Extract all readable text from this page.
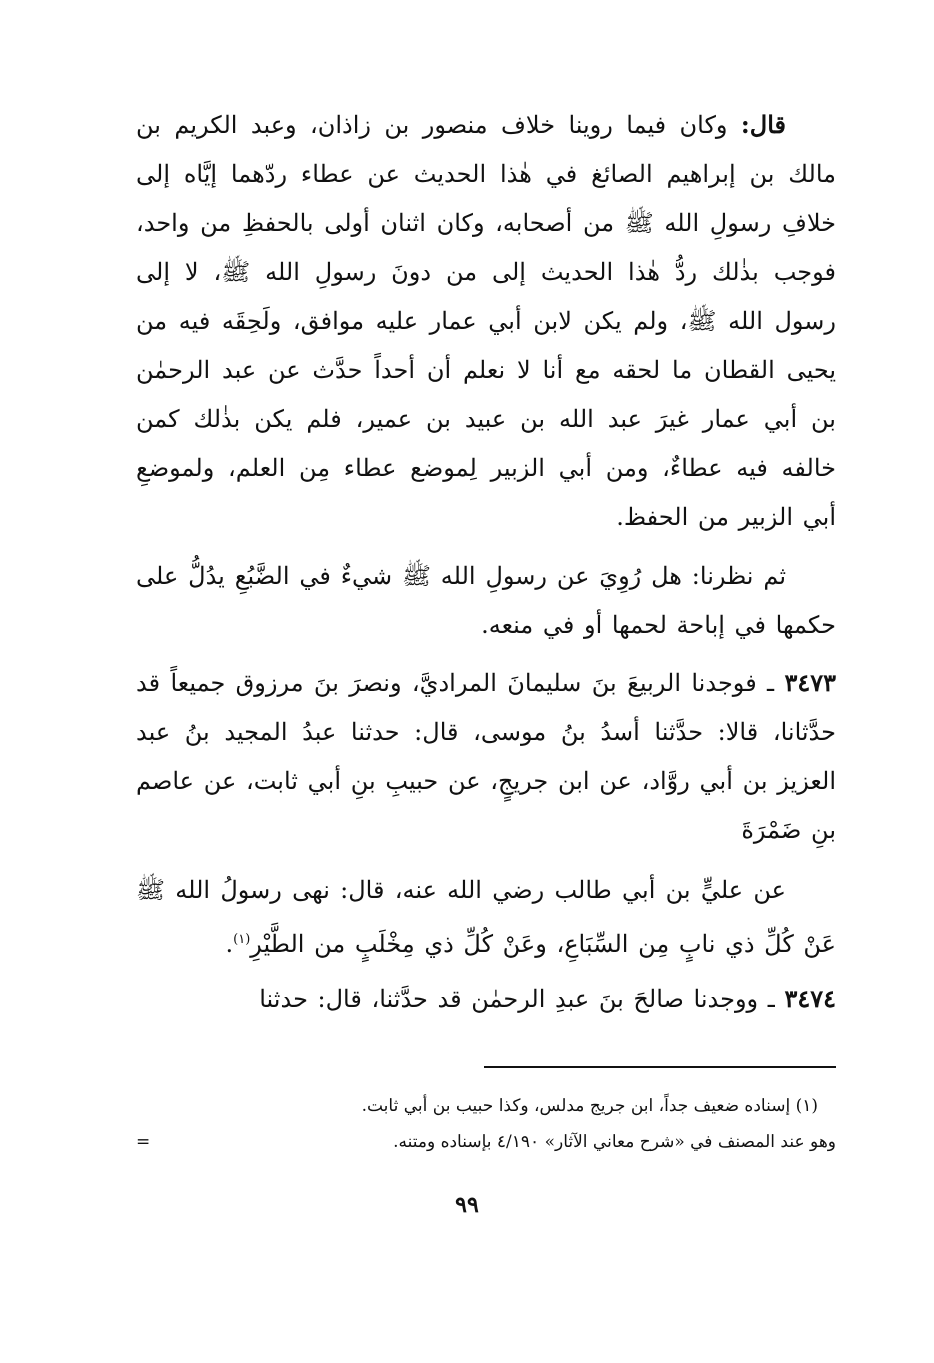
قال: وكان فيما روينا خلاف منصور بن زاذان، وعبد الكريم بن مالك بن إبراهيم الصائغ في هٰذا الحديث عن عطاء ردّهما إيَّاه إلى خلافِ رسولِ الله ﷺ من أصحابه، وكان اثنان أولى بالحفظِ من واحد، فوجب بذٰلك ردُّ هٰذا الحديث إلى من دونَ رسولِ الله ﷺ، لا إلى رسول الله ﷺ، ولم يكن لابن أبي عمار عليه موافق، ولَحِقَه فيه من يحيى القطان ما لحقه مع أنا لا نعلم أن أحداً حدَّث عن عبد الرحمٰن بن أبي عمار غيرَ عبد الله بن عبيد بن عمير، فلم يكن بذٰلك كمن خالفه فيه عطاءٌ، ومن أبي الزبير لِموضع عطاء مِن العلم، ولموضعِ أبي الزبير من الحفظ.

ثم نظرنا: هل رُوِيَ عن رسولِ الله ﷺ شيءٌ في الضَّبُعِ يدُلُّ على حكمها في إباحة لحمها أو في منعه.

٣٤٧٣ ـ فوجدنا الربيعَ بنَ سليمانَ المراديَّ، ونصرَ بنَ مرزوق جميعاً قد حدَّثانا، قالا: حدَّثنا أسدُ بنُ موسى، قال: حدثنا عبدُ المجيد بنُ عبد العزيز بن أبي روَّاد، عن ابن جريجٍ، عن حبيبِ بنِ أبي ثابت، عن عاصم بنِ ضَمْرَةَ

عن عليٍّ بن أبي طالب رضي الله عنه، قال: نهى رسولُ الله ﷺ عَنْ كُلِّ ذي نابٍ مِن السِّبَاعِ، وعَنْ كُلِّ ذي مِخْلَبٍ من الطَّيْرِ$^{(١)}$.

٣٤٧٤ ـ ووجدنا صالحَ بنَ عبدِ الرحمٰن قد حدَّثنا، قال: حدثنا

(١) إسناده ضعيف جداً، ابن جريج مدلس، وكذا حبيب بن أبي ثابت.
وهو عند المصنف في «شرح معاني الآثار» ٤/١٩٠ بإسناده ومتنه.
=
٩٩
